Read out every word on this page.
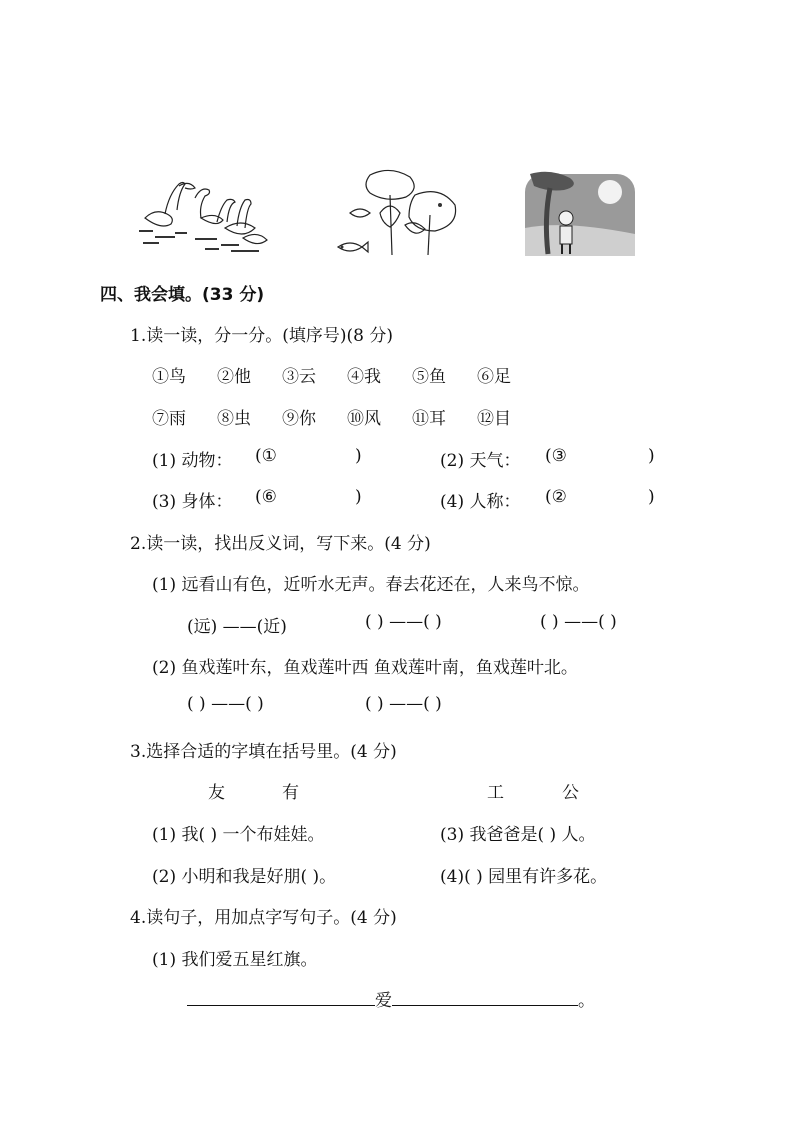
四、我会填。(33 分)
1.读一读，分一分。(填序号)(8 分)
①鸟 ②他 ③云 ④我 ⑤鱼 ⑥足
⑦雨 ⑧虫 ⑨你 ⑩风 ⑪耳 ⑫目
(1) 动物： (①	)	(2) 天气： (③	)
(3) 身体： (⑥	)	(4) 人称： (②	)
2.读一读，找出反义词，写下来。(4 分)
(1) 远看山有色，近听水无声。春去花还在，人来鸟不惊。
(远) ——(近)	( ) ——( )	( ) ——( )
(2) 鱼戏莲叶东，鱼戏莲叶西 鱼戏莲叶南，鱼戏莲叶北。
( ) ——( )	( ) ——( )
3.选择合适的字填在括号里。(4 分)
友	有	工	公
(1) 我( ) 一个布娃娃。	(3) 我爸爸是( ) 人。
(2) 小明和我是好朋( )。	(4)( ) 园里有许多花。
4.读句子，用加点字写句子。(4 分)
(1) 我们爱五星红旗。
爱	。
